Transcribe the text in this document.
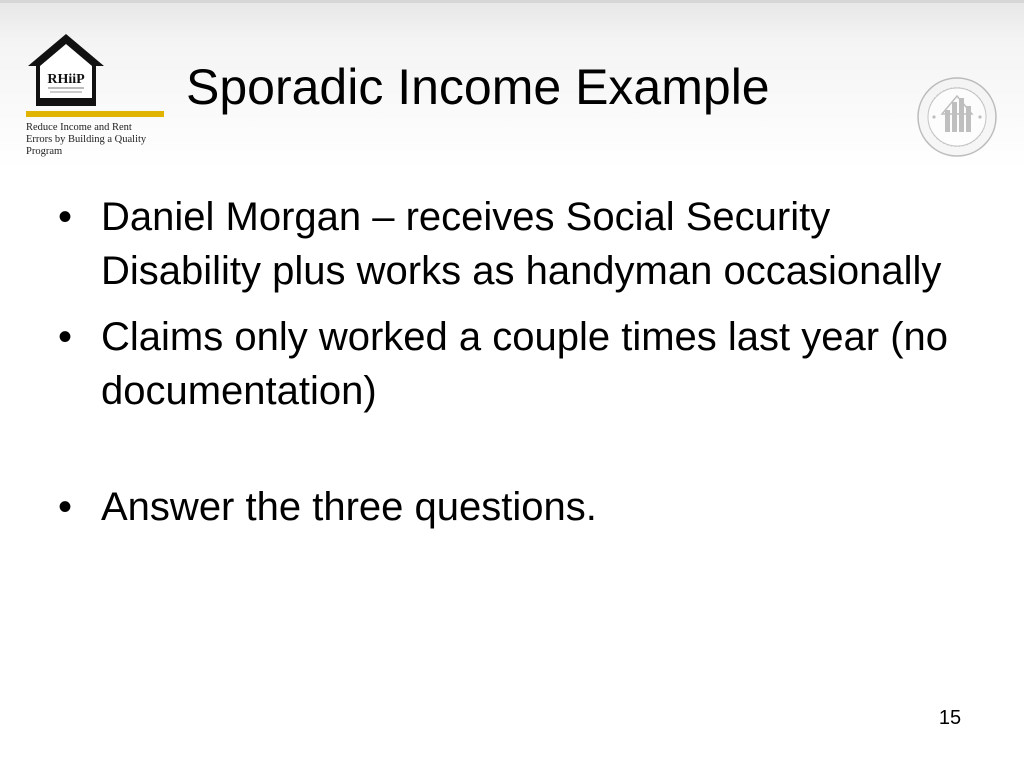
RHiiP
Reduce Income and Rent
Errors by Building a Quality
Program
Sporadic Income Example
• Daniel Morgan – receives Social Security Disability plus works as handyman occasionally
• Claims only worked a couple times last year (no documentation)
• Answer the three questions.
15
